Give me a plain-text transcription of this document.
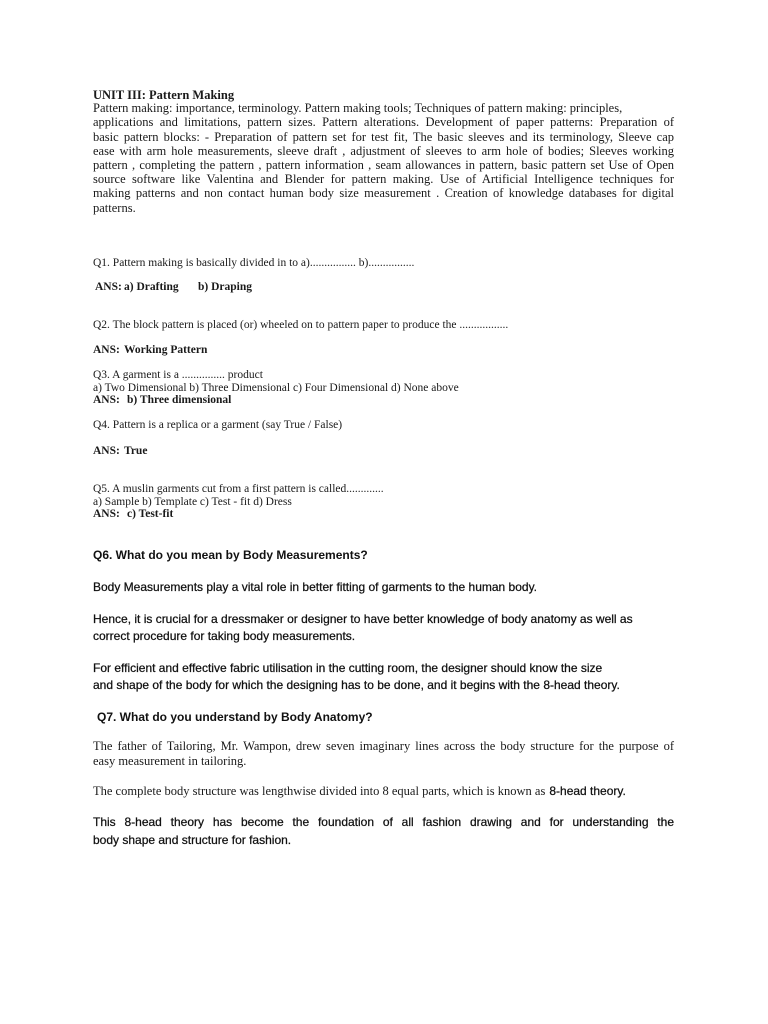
UNIT III: Pattern Making
Pattern making: importance, terminology. Pattern making tools; Techniques of pattern making: principles,
applications and limitations, pattern sizes. Pattern alterations. Development of paper patterns: Preparation of
basic pattern blocks: - Preparation of pattern set for test fit, The basic sleeves and its terminology, Sleeve cap
ease with arm hole measurements, sleeve draft , adjustment of sleeves to arm hole of bodies; Sleeves working
pattern , completing the pattern , pattern information , seam allowances in pattern, basic pattern set Use of Open
source software like Valentina and Blender for pattern making. Use of Artificial Intelligence techniques for
making patterns and non contact human body size measurement . Creation of knowledge databases for digital
patterns.
Q1. Pattern making is basically divided in to a)................ b)................
ANS: a) Drafting b) Draping
Q2. The block pattern is placed (or) wheeled on to pattern paper to produce the .................
ANS: Working Pattern
Q3. A garment is a ............... product
a) Two Dimensional b) Three Dimensional c) Four Dimensional d) None above
ANS: b) Three dimensional
Q4. Pattern is a replica or a garment (say True / False)
ANS: True
Q5. A muslin garments cut from a first pattern is called.............
a) Sample b) Template c) Test - fit d) Dress
ANS: c) Test-fit
Q6. What do you mean by Body Measurements?
Body Measurements play a vital role in better fitting of garments to the human body.
Hence, it is crucial for a dressmaker or designer to have better knowledge of body anatomy as well as
correct procedure for taking body measurements.
For efficient and effective fabric utilisation in the cutting room, the designer should know the size
and shape of the body for which the designing has to be done, and it begins with the 8-head theory.
Q7. What do you understand by Body Anatomy?
The father of Tailoring, Mr. Wampon, drew seven imaginary lines across the body structure for the purpose of
easy measurement in tailoring.
The complete body structure was lengthwise divided into 8 equal parts, which is known as 8-head theory.
This 8-head theory has become the foundation of all fashion drawing and for understanding the
body shape and structure for fashion.
